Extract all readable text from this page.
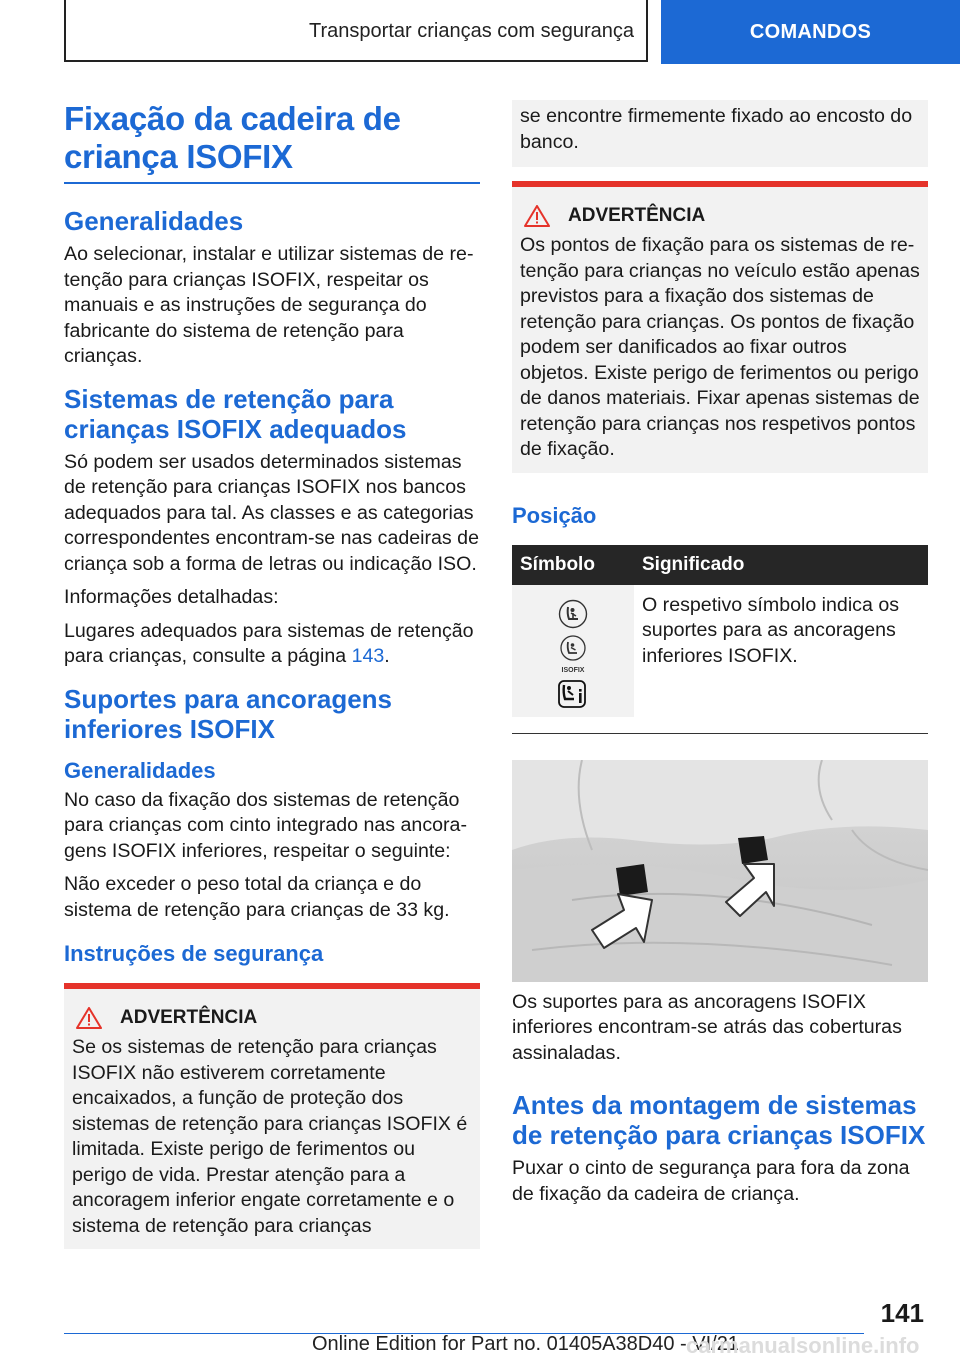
Transportar crianças com segurança	COMANDOS
Fixação da cadeira de criança ISOFIX
Generalidades

Ao selecionar, instalar e utilizar sistemas de retenção para crianças ISOFIX, respeitar os manuais e as instruções de segurança do fabricante do sistema de retenção para crianças.

Sistemas de retenção para crianças ISOFIX adequados

Só podem ser usados determinados sistemas de retenção para crianças ISOFIX nos bancos adequados para tal. As classes e as categorias correspondentes encontram-se nas cadeiras de criança sob a forma de letras ou indicação ISO.

Informações detalhadas:

Lugares adequados para sistemas de retenção para crianças, consulte a página 143.

Suportes para ancoragens inferiores ISOFIX
Generalidades

No caso da fixação dos sistemas de retenção para crianças com cinto integrado nas ancoragens ISOFIX inferiores, respeitar o seguinte:

Não exceder o peso total da criança e do sistema de retenção para crianças de 33 kg.

Instruções de segurança
ADVERTÊNCIA

Se os sistemas de retenção para crianças ISOFIX não estiverem corretamente encaixados, a função de proteção dos sistemas de retenção para crianças ISOFIX é limitada. Existe perigo de ferimentos ou perigo de vida. Prestar atenção para a ancoragem inferior engate corretamente e o sistema de retenção para crianças

se encontre firmemente fixado ao encosto do banco.

ADVERTÊNCIA

Os pontos de fixação para os sistemas de retenção para crianças no veículo estão apenas previstos para a fixação dos sistemas de retenção para crianças. Os pontos de fixação podem ser danificados ao fixar outros objetos. Existe perigo de ferimentos ou perigo de danos materiais. Fixar apenas sistemas de retenção para crianças nos respetivos pontos de fixação.

Posição
Símbolo	Significado

ISOFIX	O respetivo símbolo indica os suportes para as ancoragens inferiores ISOFIX.

Os suportes para as ancoragens ISOFIX inferiores encontram-se atrás das coberturas assinaladas.

Antes da montagem de sistemas de retenção para crianças ISOFIX

Puxar o cinto de segurança para fora da zona de fixação da cadeira de criança.

141
Online Edition for Part no. 01405A38D40 - VI/21
carmanualsonline.info
